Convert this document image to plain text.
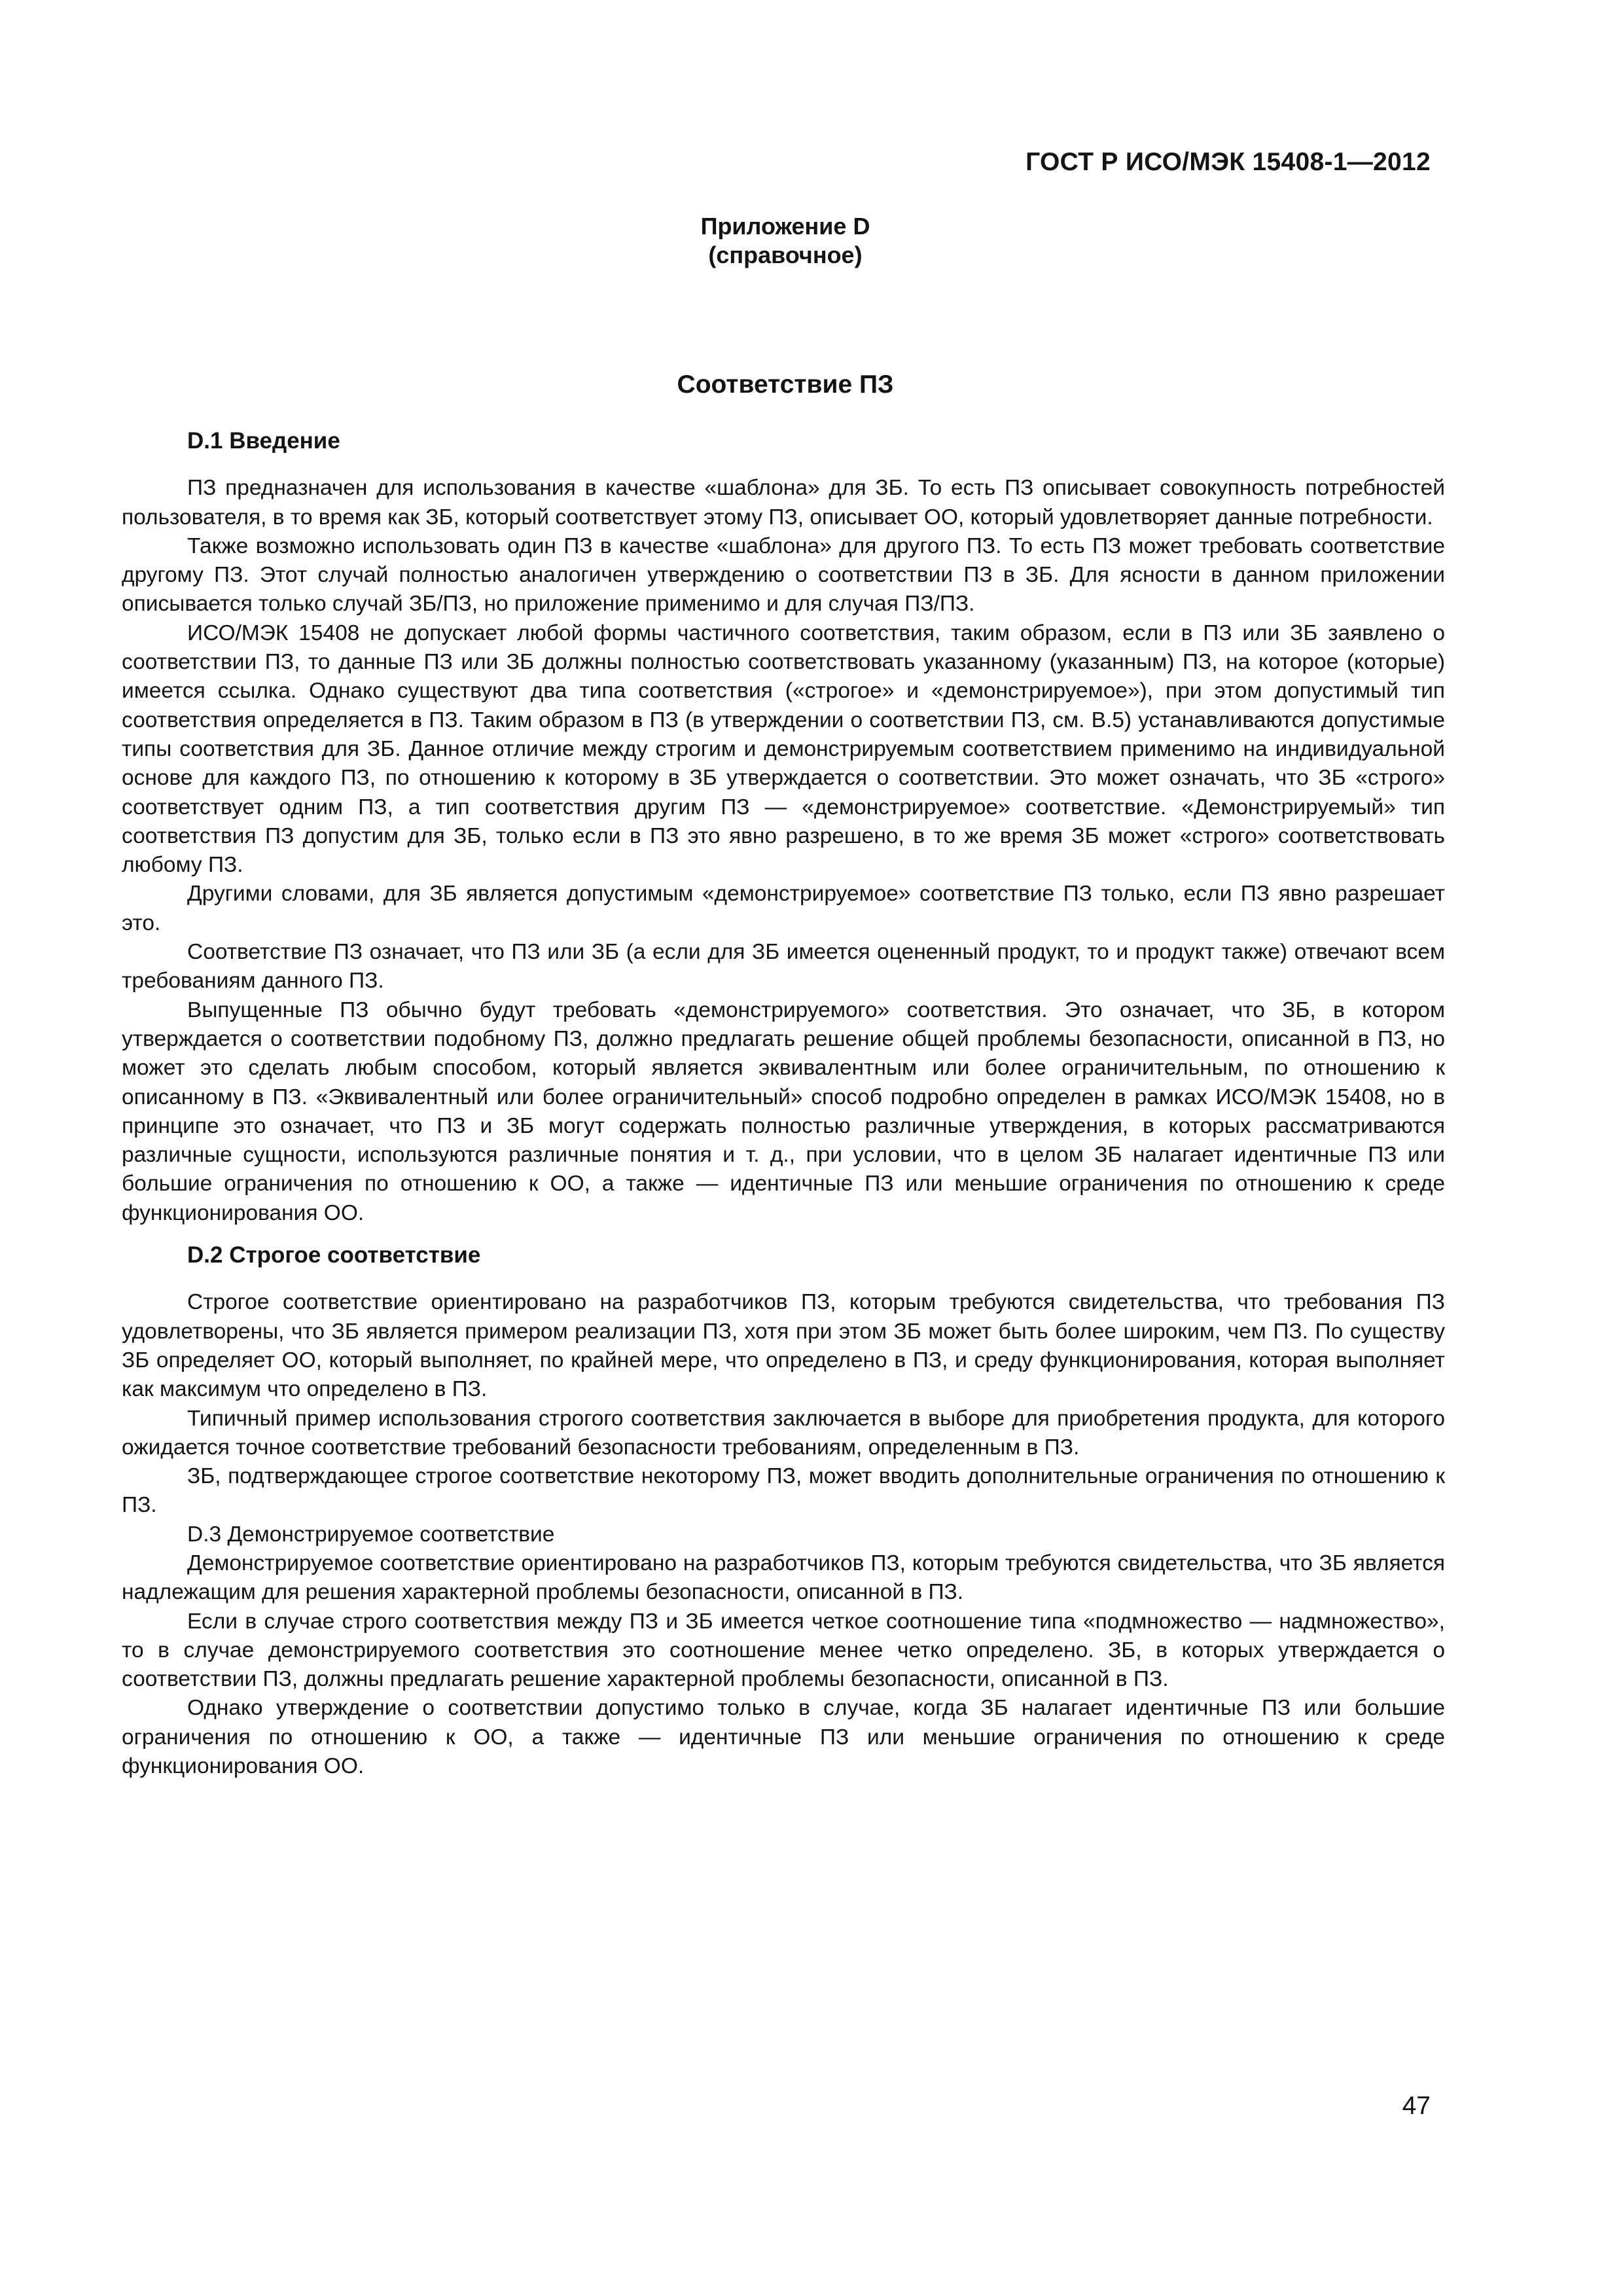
ГОСТ Р ИСО/МЭК 15408-1—2012
Приложение D
(справочное)
Соответствие ПЗ
D.1 Введение

ПЗ предназначен для использования в качестве «шаблона» для ЗБ. То есть ПЗ описывает совокупность потребностей пользователя, в то время как ЗБ, который соответствует этому ПЗ, описывает ОО, который удовлетворяет данные потребности.

Также возможно использовать один ПЗ в качестве «шаблона» для другого ПЗ. То есть ПЗ может требовать соответствие другому ПЗ. Этот случай полностью аналогичен утверждению о соответствии ПЗ в ЗБ. Для ясности в данном приложении описывается только случай ЗБ/ПЗ, но приложение применимо и для случая ПЗ/ПЗ.

ИСО/МЭК 15408 не допускает любой формы частичного соответствия, таким образом, если в ПЗ или ЗБ заявлено о соответствии ПЗ, то данные ПЗ или ЗБ должны полностью соответствовать указанному (указанным) ПЗ, на которое (которые) имеется ссылка. Однако существуют два типа соответствия («строгое» и «демонстрируемое»), при этом допустимый тип соответствия определяется в ПЗ. Таким образом в ПЗ (в утверждении о соответствии ПЗ, см. B.5) устанавливаются допустимые типы соответствия для ЗБ. Данное отличие между строгим и демонстрируемым соответствием применимо на индивидуальной основе для каждого ПЗ, по отношению к которому в ЗБ утверждается о соответствии. Это может означать, что ЗБ «строго» соответствует одним ПЗ, а тип соответствия другим ПЗ — «демонстрируемое» соответствие. «Демонстрируемый» тип соответствия ПЗ допустим для ЗБ, только если в ПЗ это явно разрешено, в то же время ЗБ может «строго» соответствовать любому ПЗ.

Другими словами, для ЗБ является допустимым «демонстрируемое» соответствие ПЗ только, если ПЗ явно разрешает это.

Соответствие ПЗ означает, что ПЗ или ЗБ (а если для ЗБ имеется оцененный продукт, то и продукт также) отвечают всем требованиям данного ПЗ.

Выпущенные ПЗ обычно будут требовать «демонстрируемого» соответствия. Это означает, что ЗБ, в котором утверждается о соответствии подобному ПЗ, должно предлагать решение общей проблемы безопасности, описанной в ПЗ, но может это сделать любым способом, который является эквивалентным или более ограничительным, по отношению к описанному в ПЗ. «Эквивалентный или более ограничительный» способ подробно определен в рамках ИСО/МЭК 15408, но в принципе это означает, что ПЗ и ЗБ могут содержать полностью различные утверждения, в которых рассматриваются различные сущности, используются различные понятия и т. д., при условии, что в целом ЗБ налагает идентичные ПЗ или большие ограничения по отношению к ОО, а также — идентичные ПЗ или меньшие ограничения по отношению к среде функционирования ОО.

D.2 Строгое соответствие

Строгое соответствие ориентировано на разработчиков ПЗ, которым требуются свидетельства, что требования ПЗ удовлетворены, что ЗБ является примером реализации ПЗ, хотя при этом ЗБ может быть более широким, чем ПЗ. По существу ЗБ определяет ОО, который выполняет, по крайней мере, что определено в ПЗ, и среду функционирования, которая выполняет как максимум что определено в ПЗ.

Типичный пример использования строгого соответствия заключается в выборе для приобретения продукта, для которого ожидается точное соответствие требований безопасности требованиям, определенным в ПЗ.

ЗБ, подтверждающее строгое соответствие некоторому ПЗ, может вводить дополнительные ограничения по отношению к ПЗ.

D.3 Демонстрируемое соответствие

Демонстрируемое соответствие ориентировано на разработчиков ПЗ, которым требуются свидетельства, что ЗБ является надлежащим для решения характерной проблемы безопасности, описанной в ПЗ.

Если в случае строго соответствия между ПЗ и ЗБ имеется четкое соотношение типа «подмножество — надмножество», то в случае демонстрируемого соответствия это соотношение менее четко определено. ЗБ, в которых утверждается о соответствии ПЗ, должны предлагать решение характерной проблемы безопасности, описанной в ПЗ.

Однако утверждение о соответствии допустимо только в случае, когда ЗБ налагает идентичные ПЗ или большие ограничения по отношению к ОО, а также — идентичные ПЗ или меньшие ограничения по отношению к среде функционирования ОО.

47
